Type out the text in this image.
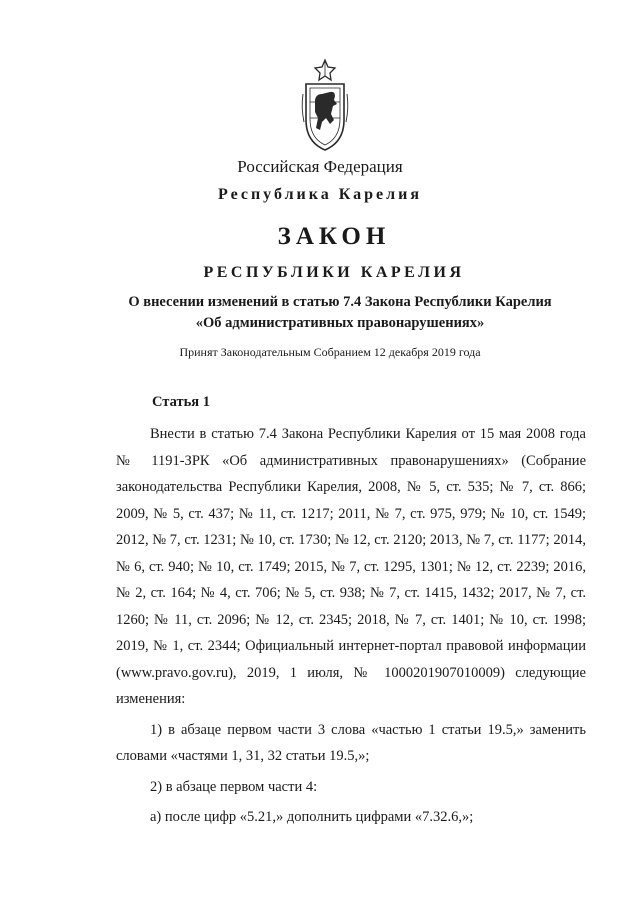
Российская Федерация
Республика Карелия
ЗАКОН
РЕСПУБЛИКИ КАРЕЛИЯ
О внесении изменений в статью 7.4 Закона Республики Карелия
«Об административных правонарушениях»
Принят Законодательным Собранием 12 декабря 2019 года
Статья 1

Внести в статью 7.4 Закона Республики Карелия от 15 мая 2008 года № 1191-ЗРК «Об административных правонарушениях» (Собрание законодательства Республики Карелия, 2008, № 5, ст. 535; № 7, ст. 866; 2009, № 5, ст. 437; № 11, ст. 1217; 2011, № 7, ст. 975, 979; № 10, ст. 1549; 2012, № 7, ст. 1231; № 10, ст. 1730; № 12, ст. 2120; 2013, № 7, ст. 1177; 2014, № 6, ст. 940; № 10, ст. 1749; 2015, № 7, ст. 1295, 1301; № 12, ст. 2239; 2016, № 2, ст. 164; № 4, ст. 706; № 5, ст. 938; № 7, ст. 1415, 1432; 2017, № 7, ст. 1260; № 11, ст. 2096; № 12, ст. 2345; 2018, № 7, ст. 1401; № 10, ст. 1998; 2019, № 1, ст. 2344; Официальный интернет-портал правовой информации (www.pravo.gov.ru), 2019, 1 июля, № 1000201907010009) следующие изменения:

1) в абзаце первом части 3 слова «частью 1 статьи 19.5,» заменить словами «частями 1, 31, 32 статьи 19.5,»;

2) в абзаце первом части 4:

а) после цифр «5.21,» дополнить цифрами «7.32.6,»;
